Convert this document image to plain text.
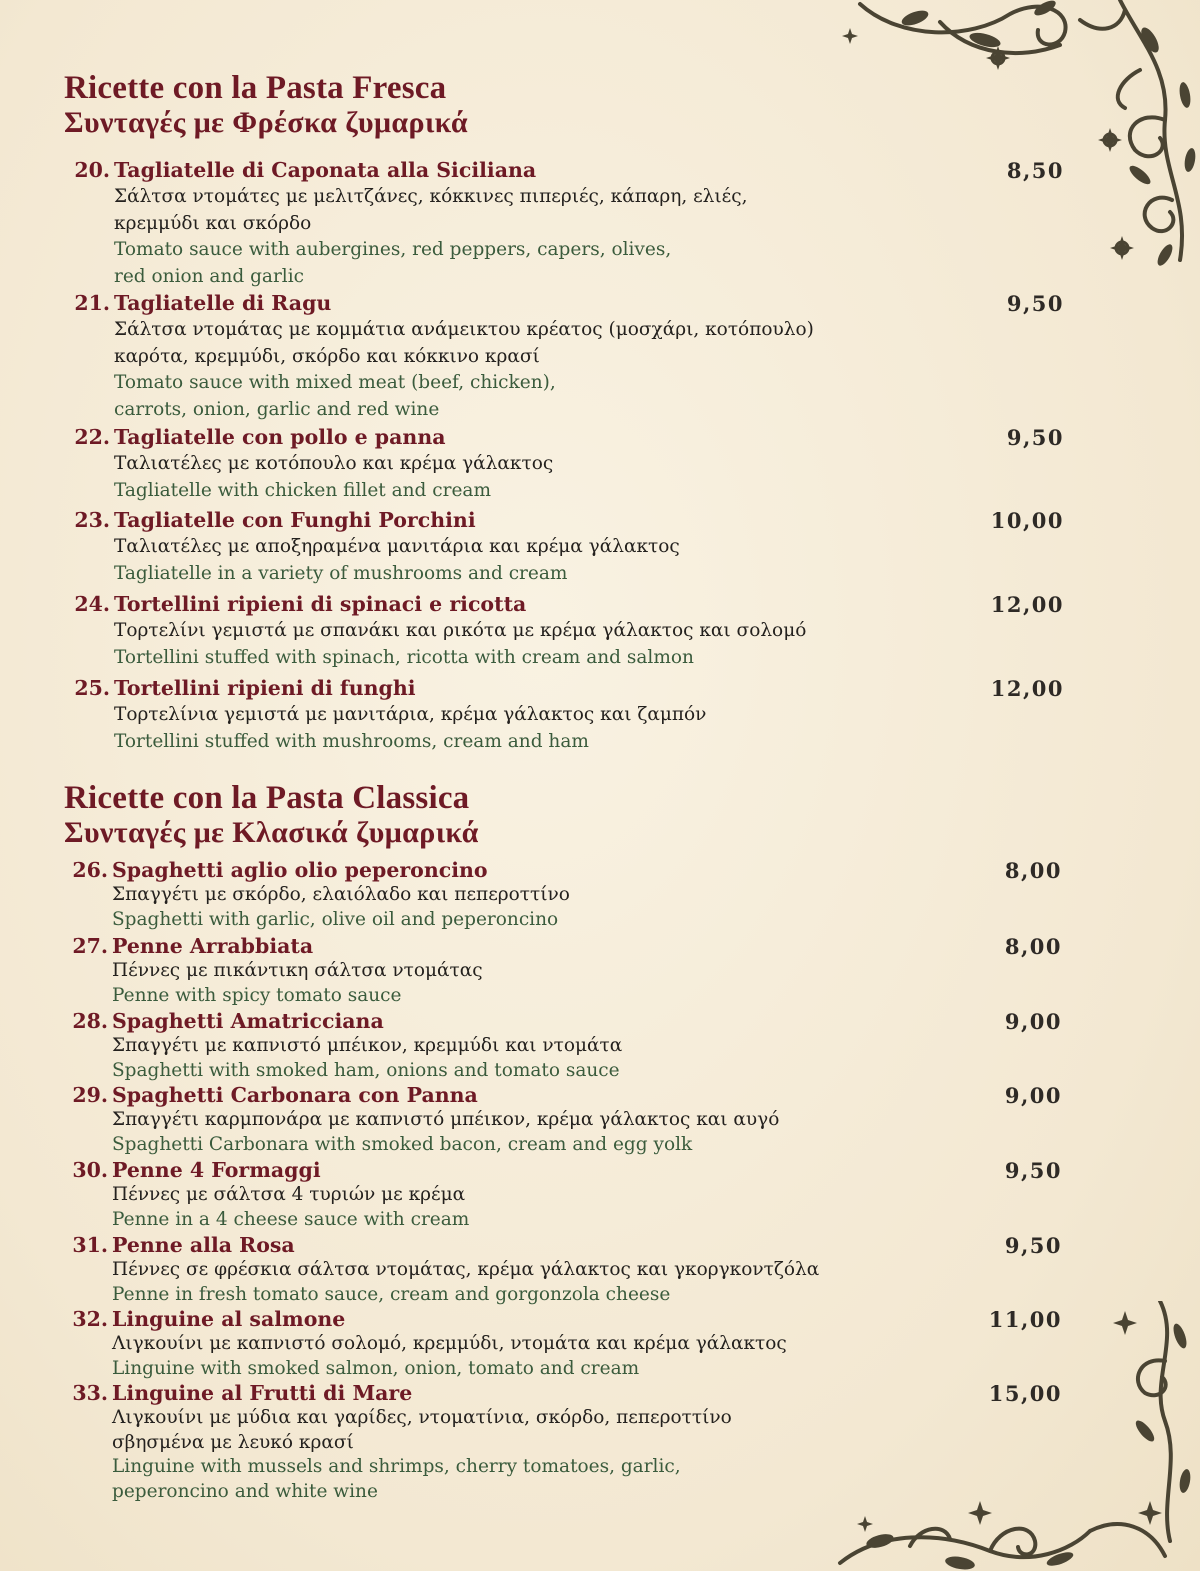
Ricette con la Pasta Fresca
Συνταγές με Φρέσκα ζυμαρικά
20. Tagliatelle di Caponata alla Siciliana	8,50
Σάλτσα ντομάτες με μελιτζάνες, κόκκινες πιπεριές, κάπαρη, ελιές,
κρεμμύδι και σκόρδο
Tomato sauce with aubergines, red peppers, capers, olives,
red onion and garlic
21. Tagliatelle di Ragu	9,50
Σάλτσα ντομάτας με κομμάτια ανάμεικτου κρέατος (μοσχάρι, κοτόπουλο)
καρότα, κρεμμύδι, σκόρδο και κόκκινο κρασί
Tomato sauce with mixed meat (beef, chicken),
carrots, onion, garlic and red wine
22. Tagliatelle con pollo e panna	9,50
Ταλιατέλες με κοτόπουλο και κρέμα γάλακτος
Tagliatelle with chicken fillet and cream
23. Tagliatelle con Funghi Porchini	10,00
Ταλιατέλες με αποξηραμένα μανιτάρια και κρέμα γάλακτος
Tagliatelle in a variety of mushrooms and cream
24. Tortellini ripieni di spinaci e ricotta	12,00
Τορτελίνι γεμιστά με σπανάκι και ρικότα με κρέμα γάλακτος και σολομό
Tortellini stuffed with spinach, ricotta with cream and salmon
25. Tortellini ripieni di funghi	12,00
Τορτελίνια γεμιστά με μανιτάρια, κρέμα γάλακτος και ζαμπόν
Tortellini stuffed with mushrooms, cream and ham
Ricette con la Pasta Classica
Συνταγές με Κλασικά ζυμαρικά
26. Spaghetti aglio olio peperoncino	8,00
Σπαγγέτι με σκόρδο, ελαιόλαδο και πεπεροττίνο
Spaghetti with garlic, olive oil and peperoncino
27. Penne Arrabbiata	8,00
Πέννες με πικάντικη σάλτσα ντομάτας
Penne with spicy tomato sauce
28. Spaghetti Amatricciana	9,00
Σπαγγέτι με καπνιστό μπέικον, κρεμμύδι και ντομάτα
Spaghetti with smoked ham, onions and tomato sauce
29. Spaghetti Carbonara con Panna	9,00
Σπαγγέτι καρμπονάρα με καπνιστό μπέικον, κρέμα γάλακτος και αυγό
Spaghetti Carbonara with smoked bacon, cream and egg yolk
30. Penne 4 Formaggi	9,50
Πέννες με σάλτσα 4 τυριών με κρέμα
Penne in a 4 cheese sauce with cream
31. Penne alla Rosa	9,50
Πέννες σε φρέσκια σάλτσα ντομάτας, κρέμα γάλακτος και γκοργκοντζόλα
Penne in fresh tomato sauce, cream and gorgonzola cheese
32. Linguine al salmone	11,00
Λιγκουίνι με καπνιστό σολομό, κρεμμύδι, ντομάτα και κρέμα γάλακτος
Linguine with smoked salmon, onion, tomato and cream
33. Linguine al Frutti di Mare	15,00
Λιγκουίνι με μύδια και γαρίδες, ντοματίνια, σκόρδο, πεπεροττίνο
σβησμένα με λευκό κρασί
Linguine with mussels and shrimps, cherry tomatoes, garlic,
peperoncino and white wine
